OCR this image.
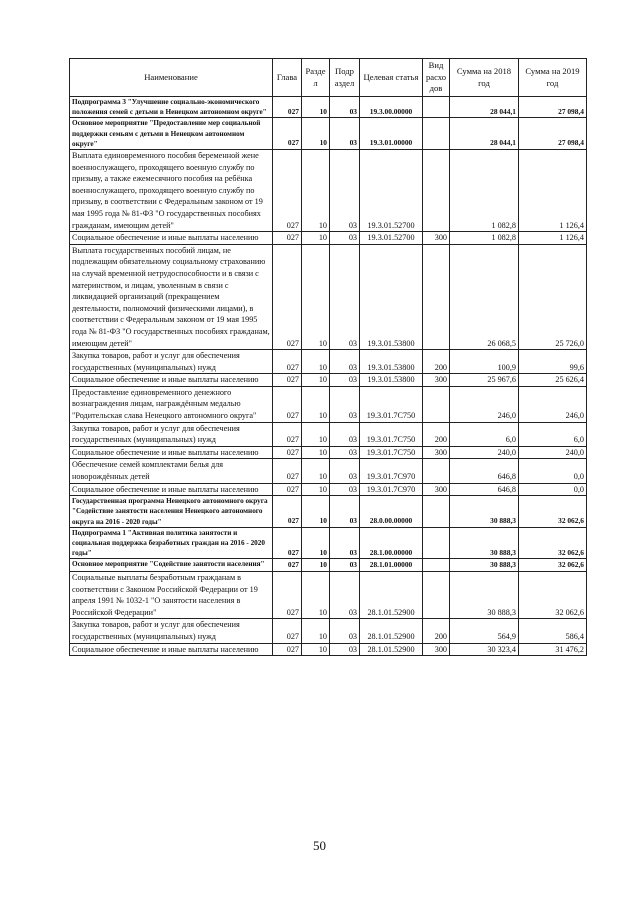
Наименование	Глава	Разде л	Подр аздел	Целевая статья	Вид расхо дов	Сумма на 2018 год	Сумма на 2019 год
Подпрограмма 3 "Улучшение социально-экономического положения семей с детьми в Ненецком автономном округе"	027	10	03	19.3.00.00000		28 044,1	27 098,4
Основное мероприятие "Предоставление мер социальной поддержки семьям с детьми в Ненецком автономном округе"	027	10	03	19.3.01.00000		28 044,1	27 098,4
Выплата единовременного пособия беременной жене военнослужащего, проходящего военную службу по призыву, а также ежемесячного пособия на ребёнка военнослужащего, проходящего военную службу по призыву, в соответствии с Федеральным законом от 19 мая 1995 года № 81-ФЗ "О государственных пособиях гражданам, имеющим детей"	027	10	03	19.3.01.52700		1 082,8	1 126,4
Социальное обеспечение и иные выплаты населению	027	10	03	19.3.01.52700	300	1 082,8	1 126,4
Выплата государственных пособий лицам, не подлежащим обязательному социальному страхованию на случай временной нетрудоспособности и в связи с материнством, и лицам, уволенным в связи с ликвидацией организаций (прекращением деятельности, полномочий физическими лицами), в соответствии с Федеральным законом от 19 мая 1995 года № 81-ФЗ "О государственных пособиях гражданам, имеющим детей"	027	10	03	19.3.01.53800		26 068,5	25 726,0
Закупка товаров, работ и услуг для обеспечения государственных (муниципальных) нужд	027	10	03	19.3.01.53800	200	100,9	99,6
Социальное обеспечение и иные выплаты населению	027	10	03	19.3.01.53800	300	25 967,6	25 626,4
Предоставление единовременного денежного вознаграждения лицам, награждённым медалью "Родительская слава Ненецкого автономного округа"	027	10	03	19.3.01.7С750		246,0	246,0
Закупка товаров, работ и услуг для обеспечения государственных (муниципальных) нужд	027	10	03	19.3.01.7С750	200	6,0	6,0
Социальное обеспечение и иные выплаты населению	027	10	03	19.3.01.7С750	300	240,0	240,0
Обеспечение семей комплектами белья для новорождённых детей	027	10	03	19.3.01.7С970		646,8	0,0
Социальное обеспечение и иные выплаты населению	027	10	03	19.3.01.7С970	300	646,8	0,0
Государственная программа Ненецкого автономного округа "Содействие занятости населения Ненецкого автономного округа на 2016 - 2020 годы"	027	10	03	28.0.00.00000		30 888,3	32 062,6
Подпрограмма 1 "Активная политика занятости и социальная поддержка безработных граждан на 2016 - 2020 годы"	027	10	03	28.1.00.00000		30 888,3	32 062,6
Основное мероприятие "Содействие занятости населения"	027	10	03	28.1.01.00000		30 888,3	32 062,6
Социальные выплаты безработным гражданам в соответствии с Законом Российской Федерации от 19 апреля 1991 № 1032-1 "О занятости населения в Российской Федерации"	027	10	03	28.1.01.52900		30 888,3	32 062,6
Закупка товаров, работ и услуг для обеспечения государственных (муниципальных) нужд	027	10	03	28.1.01.52900	200	564,9	586,4
Социальное обеспечение и иные выплаты населению	027	10	03	28.1.01.52900	300	30 323,4	31 476,2
50
